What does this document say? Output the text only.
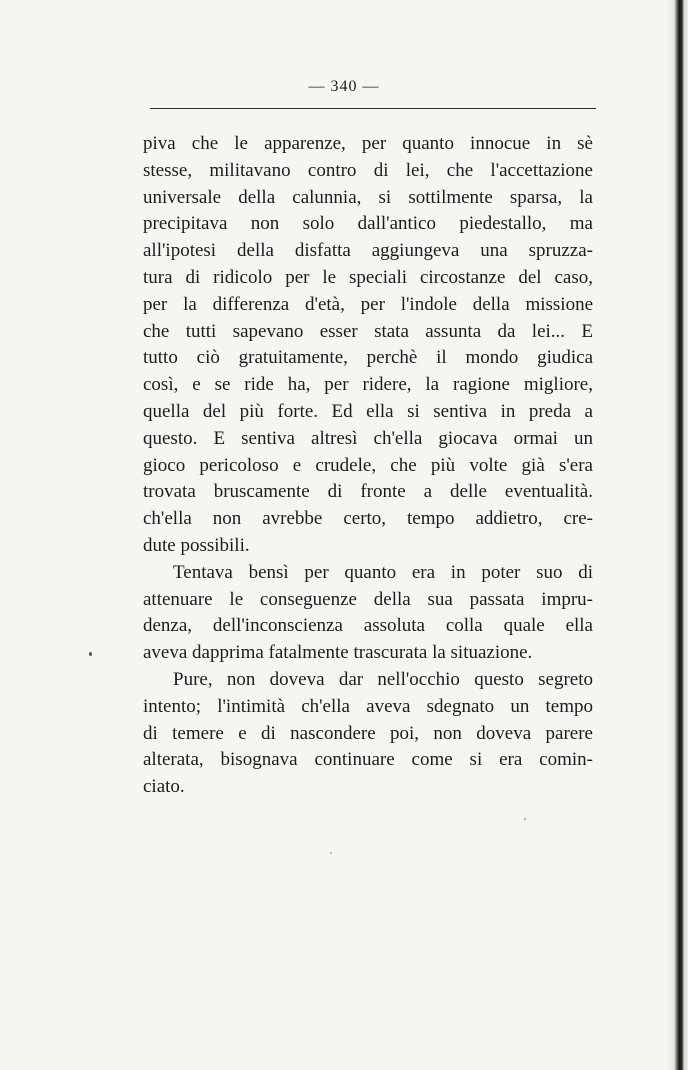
— 340 —
piva che le apparenze, per quanto innocue in sè
stesse, militavano contro di lei, che l'accettazione
universale della calunnia, si sottilmente sparsa, la
precipitava non solo dall'antico piedestallo, ma
all'ipotesi della disfatta aggiungeva una spruzza-
tura di ridicolo per le speciali circostanze del caso,
per la differenza d'età, per l'indole della missione
che tutti sapevano esser stata assunta da lei... E
tutto ciò gratuitamente, perchè il mondo giudica
così, e se ride ha, per ridere, la ragione migliore,
quella del più forte. Ed ella si sentiva in preda a
questo. E sentiva altresì ch'ella giocava ormai un
gioco pericoloso e crudele, che più volte già s'era
trovata bruscamente di fronte a delle eventualità.
ch'ella non avrebbe certo, tempo addietro, cre-
dute possibili.
Tentava bensì per quanto era in poter suo di
attenuare le conseguenze della sua passata impru-
denza, dell'inconscienza assoluta colla quale ella
aveva dapprima fatalmente trascurata la situazione.
Pure, non doveva dar nell'occhio questo segreto
intento; l'intimità ch'ella aveva sdegnato un tempo
di temere e di nascondere poi, non doveva parere
alterata, bisognava continuare come si era comin-
ciato.
